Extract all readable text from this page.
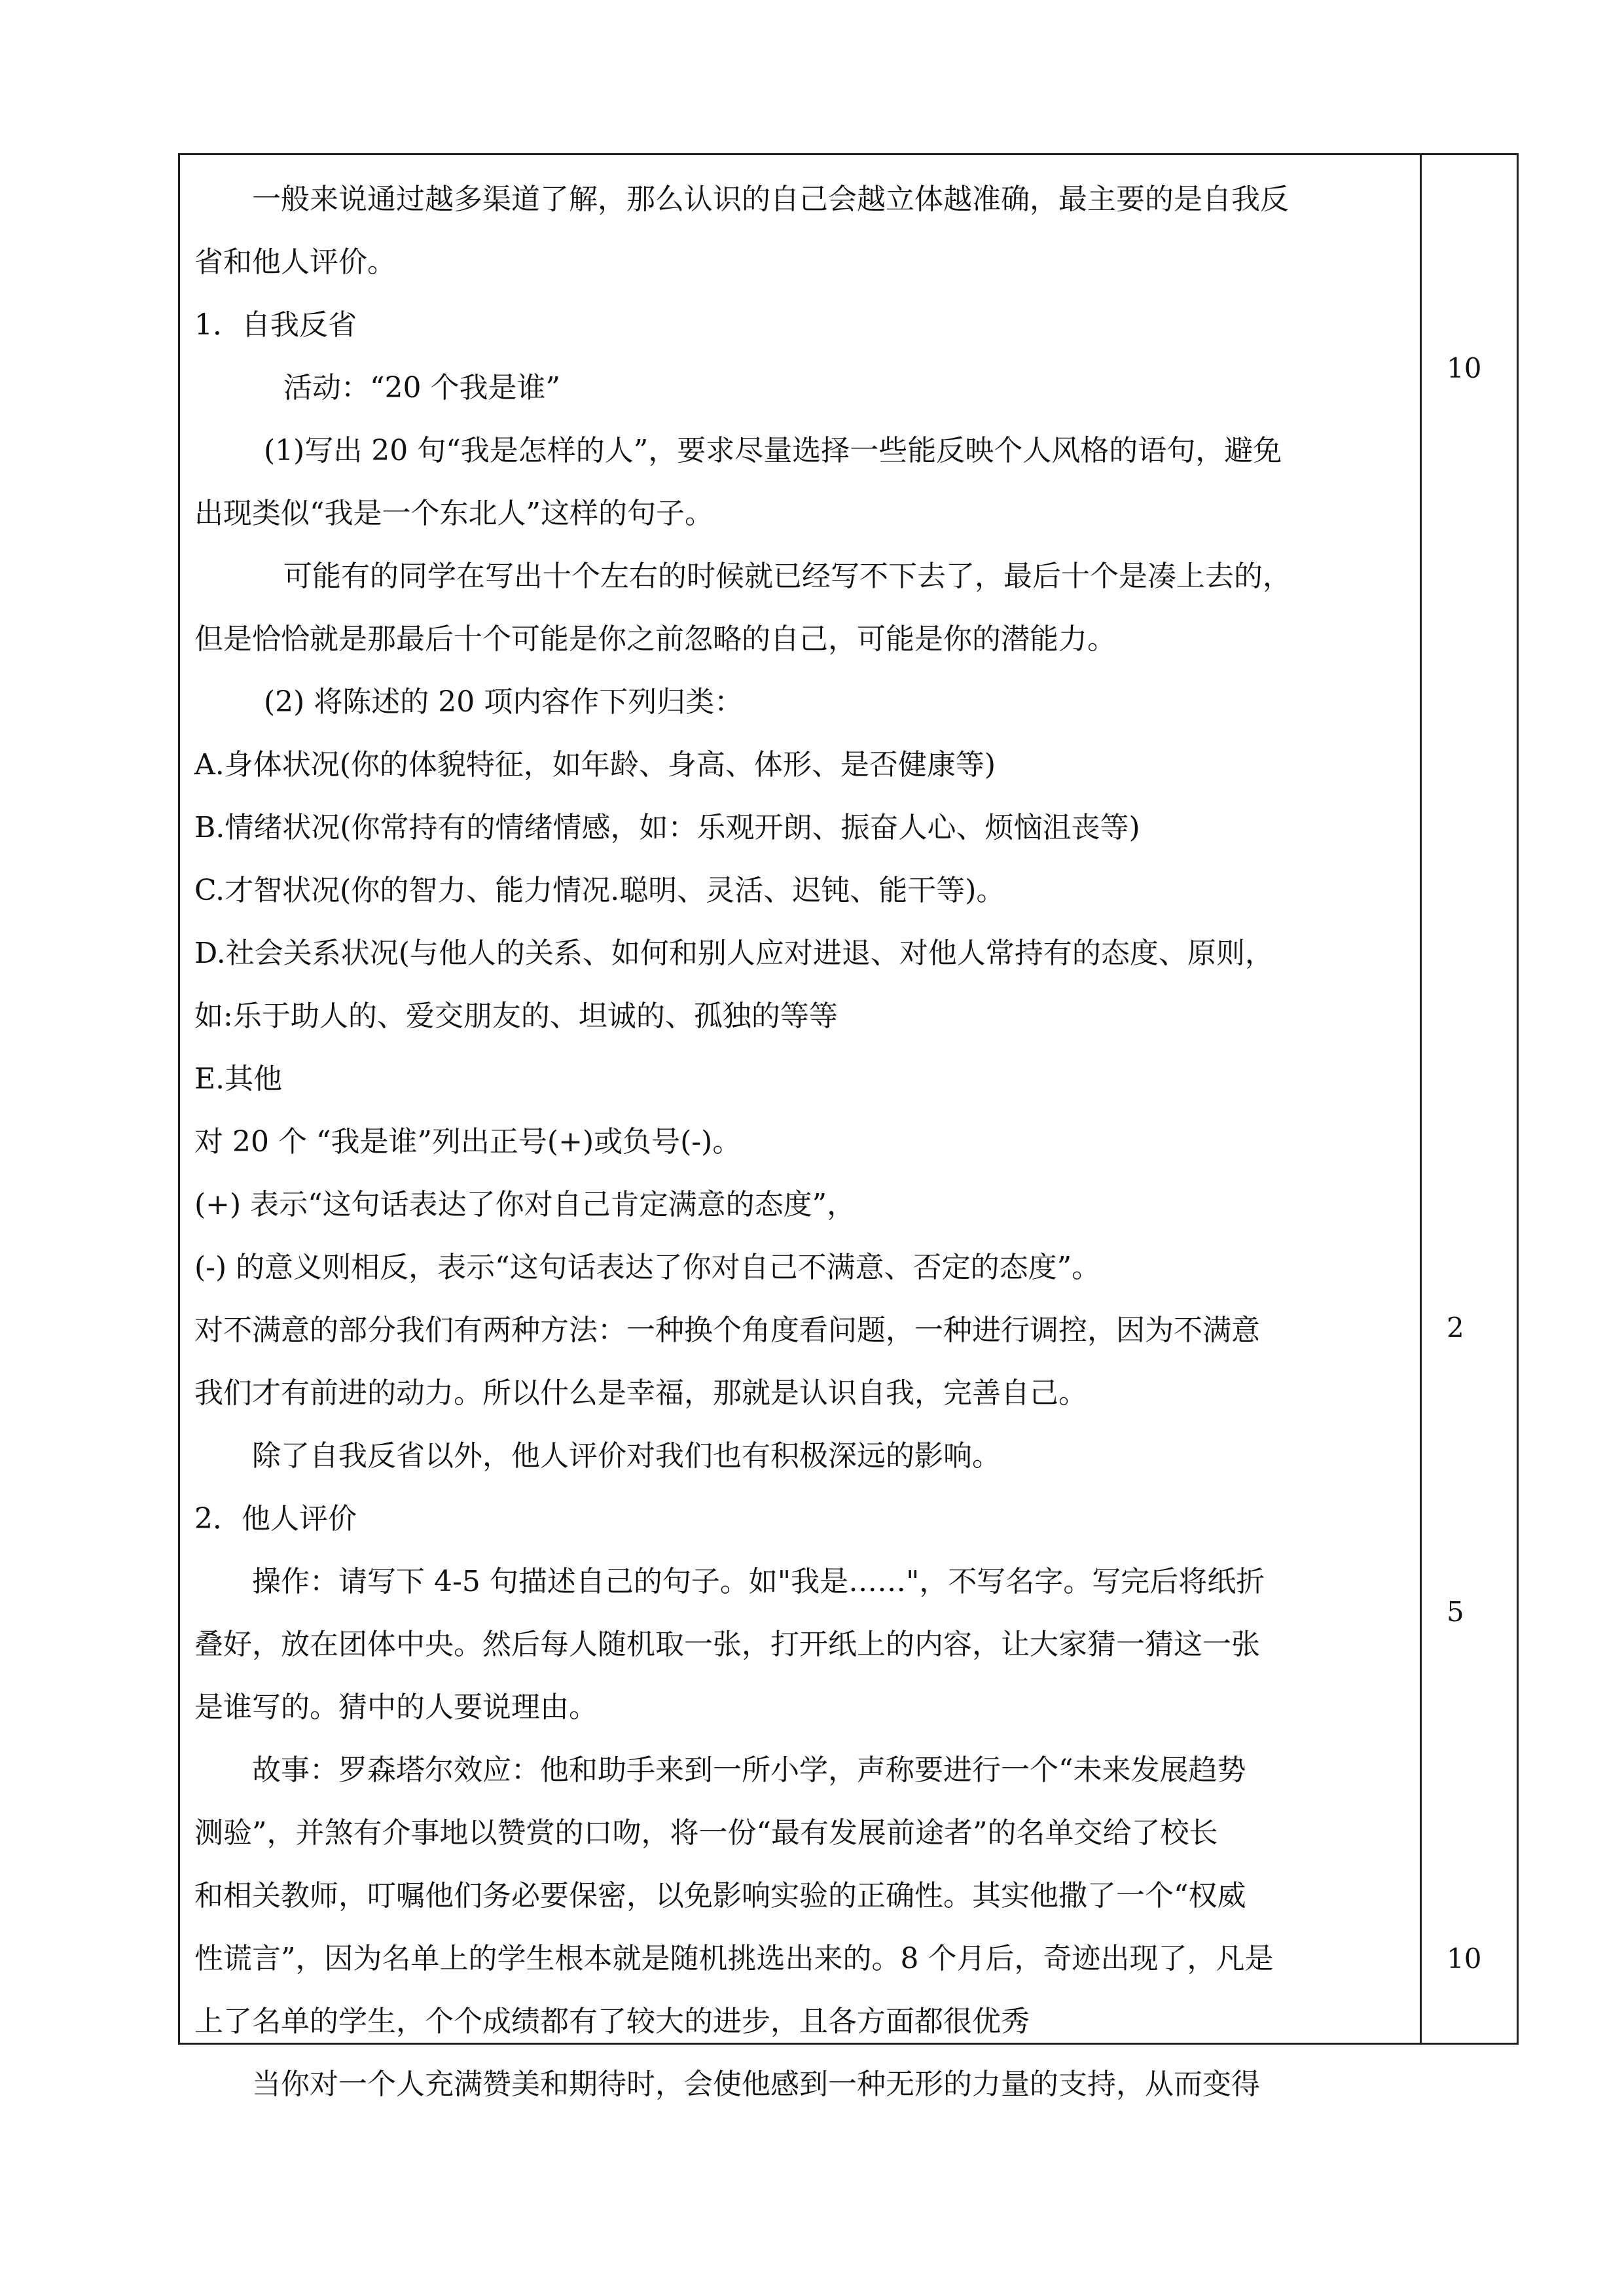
一般来说通过越多渠道了解，那么认识的自己会越立体越准确，最主要的是自我反
省和他人评价。
1．自我反省
活动：“20 个我是谁”
(1)写出 20 句“我是怎样的人”，要求尽量选择一些能反映个人风格的语句，避免
出现类似“我是一个东北人”这样的句子。
可能有的同学在写出十个左右的时候就已经写不下去了，最后十个是凑上去的，
但是恰恰就是那最后十个可能是你之前忽略的自己，可能是你的潜能力。
(2) 将陈述的 20 项内容作下列归类：
A.身体状况(你的体貌特征，如年龄、身高、体形、是否健康等)
B.情绪状况(你常持有的情绪情感，如：乐观开朗、振奋人心、烦恼沮丧等)
C.才智状况(你的智力、能力情况.聪明、灵活、迟钝、能干等)。
D.社会关系状况(与他人的关系、如何和别人应对进退、对他人常持有的态度、原则，
如:乐于助人的、爱交朋友的、坦诚的、孤独的等等
E.其他
对 20 个 “我是谁”列出正号(+)或负号(-)。
(+) 表示“这句话表达了你对自己肯定满意的态度”，
(-) 的意义则相反，表示“这句话表达了你对自己不满意、否定的态度”。
对不满意的部分我们有两种方法：一种换个角度看问题，一种进行调控，因为不满意
我们才有前进的动力。所以什么是幸福，那就是认识自我，完善自己。
除了自我反省以外，他人评价对我们也有积极深远的影响。
2．他人评价
操作：请写下 4-5 句描述自己的句子。如"我是……"，不写名字。写完后将纸折
叠好，放在团体中央。然后每人随机取一张，打开纸上的内容，让大家猜一猜这一张
是谁写的。猜中的人要说理由。
故事：罗森塔尔效应：他和助手来到一所小学，声称要进行一个“未来发展趋势
测验”，并煞有介事地以赞赏的口吻，将一份“最有发展前途者”的名单交给了校长
和相关教师，叮嘱他们务必要保密，以免影响实验的正确性。其实他撒了一个“权威
性谎言”，因为名单上的学生根本就是随机挑选出来的。8 个月后，奇迹出现了，凡是
上了名单的学生，个个成绩都有了较大的进步，且各方面都很优秀
当你对一个人充满赞美和期待时，会使他感到一种无形的力量的支持，从而变得
10
2
5
10
